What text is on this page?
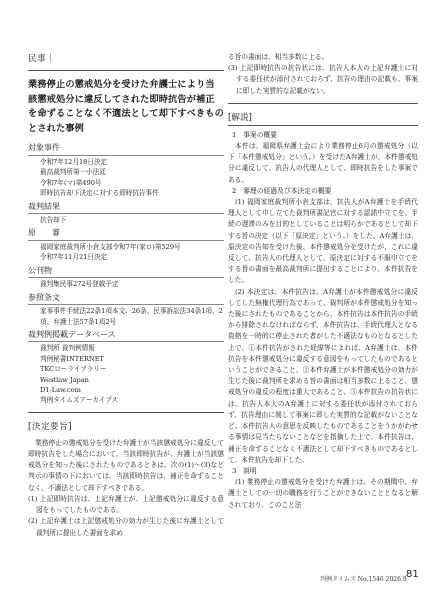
民事｜
業務停止の懲戒処分を受けた弁護士により当該懲戒処分に違反してされた即時抗告が補正を命ずることなく不適法として却下すべきものとされた事例
対象事件
令和7年12月18日決定
最高裁判所第一小法廷
令和7年(マ)第490号
即時抗告却下決定に対する即時抗告事件
裁判結果
抗告却下
原　　審
福岡家庭裁判所小倉支部令和7年(家ロ)第529号
令和7年11月21日決定
公刊物
裁判集民事272号登載予定
参照条文
家事事件手続法22条1項本文、26条、民事訴訟法34条1項、2項、弁護士法57条1項2号
裁判例掲載データベース
裁判所 裁判例情報
判例秘書INTERNET
TKCローライブラリー
Westlaw Japan
D1-Law.com
判例タイムズアーカイブス
[決定要旨]

業務停止の懲戒処分を受けた弁護士が当該懲戒処分に違反して即時抗告をした場合において、当該即時抗告が、弁護士が当該懲戒処分を知った後にされたものであるときは、次の(1)～(3)など判示の事情の下においては、当該即時抗告は、補正を命ずることなく、不適法として却下すべきである。

(1) 上記即時抗告は、上記弁護士が、上記懲戒処分に違反する意図をもってしたものである。

(2) 上記弁護士は上記懲戒処分の効力が生じた後に弁護士として裁判所に提出した書面を求め

る旨の書面は、相当多数に上る。

(3) 上記即時抗告の抗告状には、抗告人本人の上記弁護士に対する委任状が添付されておらず、抗告の理由の記載も、事案に即した実質的な記載がない。

[解説]

1　事案の概要

本件は、福岡県弁護士会により業務停止6月の懲戒処分（以下「本件懲戒処分」という。）を受けたA弁護士が、本件懲戒処分に違反して、抗告人の代理人として、即時抗告をした事案である。

2　審理の経過及び本決定の概要

(1) 福岡家庭裁判所小倉支部は、抗告人がA弁護士を手続代理人として申し立てた裁判所書記官に対する認諾中立てを、手続の遅滞のみを目的としていることは明らかであるとして却下する旨の決定（以下「原決定」という。）をした。A弁護士は、原決定の告知を受けた後、本件懲戒処分を受けたが、これに違反して、抗告人の代理人として、原決定に対する不服申立てをする旨の書面を最高裁判所に提出することにより、本件抗告をした。

(2) 本決定は、本件抗告は、A弁護士が本件懲戒処分に違反してした無権代理行為であって、裁判所が本件懲戒処分を知った後にされたものであることから、本件抗告は本件抗告の手続から排除されなければならず、本件抗告は、手続代理人となる資格を一時的に停止された者がした不適法なものとなるとした上で、①本件抗告がされた経緯等によれば、A弁護士は、本件抗告を本件懲戒処分に違反する意図をもってしたものであるということができること、②本件弁護士が本件懲戒処分の効力が生じた後に裁判所を求める旨の書面は相当多数に上ること、懲戒処分の違反の程度は重大であること、③本件抗告の抗告状には、抗告人本人のA弁護士に対する委任状が添付されておらず、抗告理由に関して事案に即した実質的な記載がないことなど、本件抗告人の意思を反映したものであることをうかがわせる事情は見当たらないことなどを指摘した上で、本件抗告は、補正を命ずることなく不適法として却下すべきものであるとして、本件抗告を却下した。

3　説明

(1) 業務停止の懲戒処分を受けた弁護士は、その期間中、弁護士としての一切の職務を行うことができないこととなると解されており、このこと法

判例タイムズ No.1546 2026.9 81
